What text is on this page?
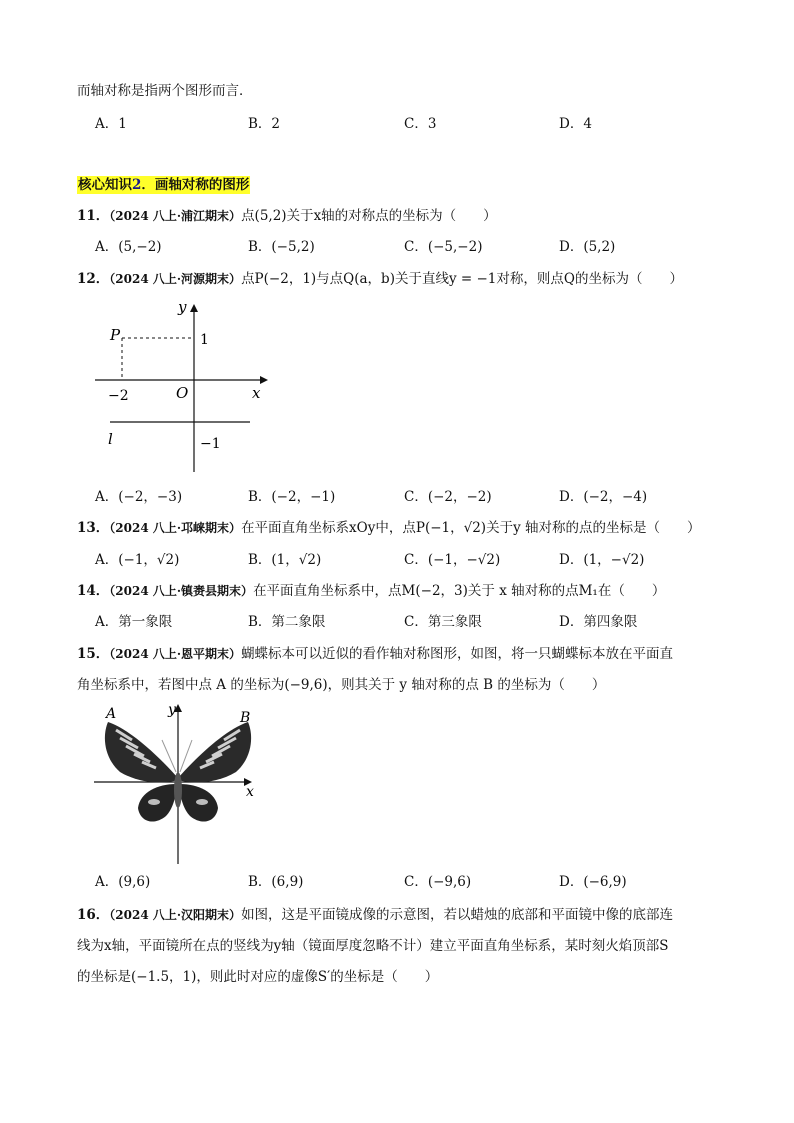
而轴对称是指两个图形而言．
A．1	B．2	C．3	D．4
核心知识2．画轴对称的图形
11．（2024 八上·浦江期末）点(5,2)关于x轴的对称点的坐标为（　　）
A．(5,−2)	B．(−5,2)	C．(−5,−2)	D．(5,2)
12．（2024 八上·河源期末）点P(−2，1)与点Q(a，b)关于直线y = −1对称，则点Q的坐标为（　　）
P
y
x
1
−2	O
l	−1
A．(−2，−3)	B．(−2，−1)	C．(−2，−2)	D．(−2，−4)
13．（2024 八上·邛崃期末）在平面直角坐标系xOy中，点P(−1，√2)关于y 轴对称的点的坐标是（　　）
A．(−1，√2)	B．(1，√2)	C．(−1，−√2)	D．(1，−√2)
14．（2024 八上·镇赉县期末）在平面直角坐标系中，点M(−2，3)关于 x 轴对称的点M₁在（　　）
A．第一象限	B．第二象限	C．第三象限	D．第四象限
15．（2024 八上·恩平期末）蝴蝶标本可以近似的看作轴对称图形，如图，将一只蝴蝶标本放在平面直
角坐标系中，若图中点 A 的坐标为(−9,6)，则其关于 y 轴对称的点 B 的坐标为（　　）
A	B
y
x
A．(9,6)	B．(6,9)	C．(−9,6)	D．(−6,9)
16．（2024 八上·汉阳期末）如图，这是平面镜成像的示意图，若以蜡烛的底部和平面镜中像的底部连
线为x轴，平面镜所在点的竖线为y轴（镜面厚度忽略不计）建立平面直角坐标系，某时刻火焰顶部S
的坐标是(−1.5，1)，则此时对应的虚像S′的坐标是（　　）
